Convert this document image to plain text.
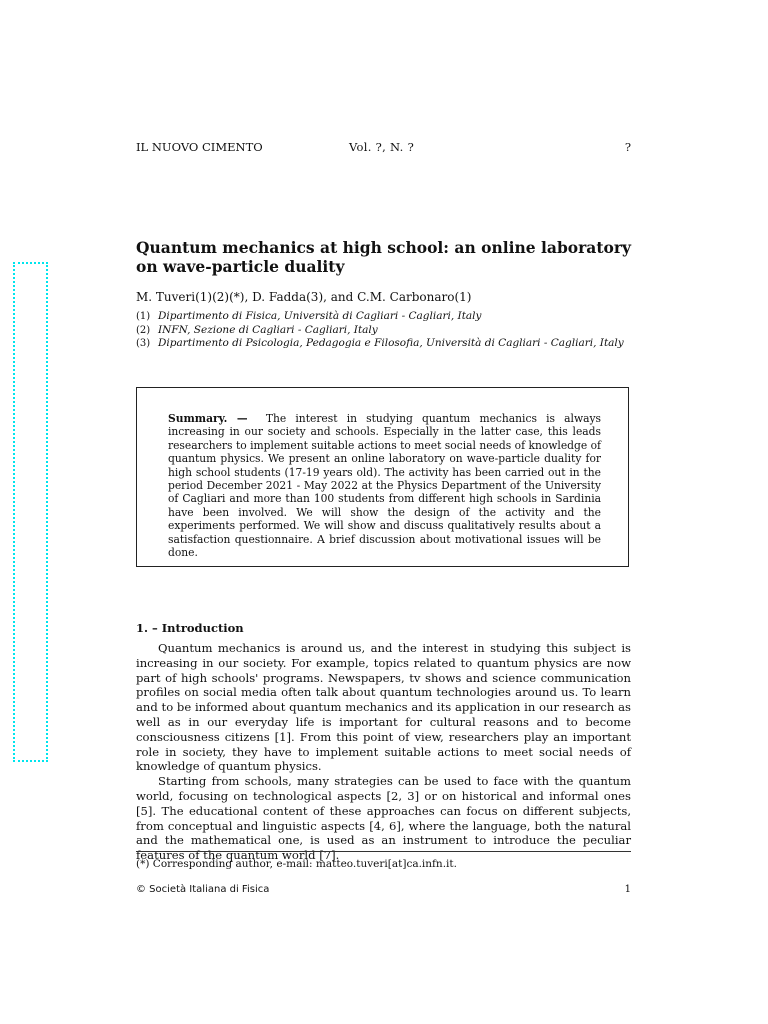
IL NUOVO CIMENTO	Vol. ?, N. ?	?
Quantum mechanics at high school: an online laboratory on wave-particle duality
M. Tuveri(1)(2)(*), D. Fadda(3), and C.M. Carbonaro(1)
(1) Dipartimento di Fisica, Università di Cagliari - Cagliari, Italy
(2) INFN, Sezione di Cagliari - Cagliari, Italy
(3) Dipartimento di Psicologia, Pedagogia e Filosofia, Università di Cagliari - Cagliari, Italy
Summary. — The interest in studying quantum mechanics is always increasing in our society and schools. Especially in the latter case, this leads researchers to implement suitable actions to meet social needs of knowledge of quantum physics. We present an online laboratory on wave-particle duality for high school students (17-19 years old). The activity has been carried out in the period December 2021 - May 2022 at the Physics Department of the University of Cagliari and more than 100 students from different high schools in Sardinia have been involved. We will show the design of the activity and the experiments performed. We will show and discuss qualitatively results about a satisfaction questionnaire. A brief discussion about motivational issues will be done.
1. – Introduction

Quantum mechanics is around us, and the interest in studying this subject is increasing in our society. For example, topics related to quantum physics are now part of high schools' programs. Newspapers, tv shows and science communication profiles on social media often talk about quantum technologies around us. To learn and to be informed about quantum mechanics and its application in our research as well as in our everyday life is important for cultural reasons and to become consciousness citizens [1]. From this point of view, researchers play an important role in society, they have to implement suitable actions to meet social needs of knowledge of quantum physics.

Starting from schools, many strategies can be used to face with the quantum world, focusing on technological aspects [2, 3] or on historical and informal ones [5]. The educational content of these approaches can focus on different subjects, from conceptual and linguistic aspects [4, 6], where the language, both the natural and the mathematical one, is used as an instrument to introduce the peculiar features of the quantum world [7].

(*) Corresponding author, e-mail: matteo.tuveri[at]ca.infn.it.
© Società Italiana di Fisica	1
